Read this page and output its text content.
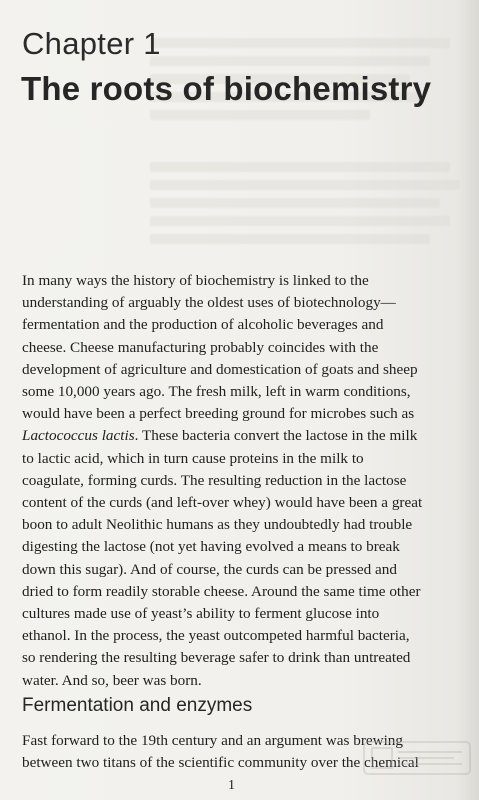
Chapter 1
The roots of biochemistry
In many ways the history of biochemistry is linked to the
understanding of arguably the oldest uses of biotechnology—
fermentation and the production of alcoholic beverages and
cheese. Cheese manufacturing probably coincides with the
development of agriculture and domestication of goats and sheep
some 10,000 years ago. The fresh milk, left in warm conditions,
would have been a perfect breeding ground for microbes such as
Lactococcus lactis. These bacteria convert the lactose in the milk
to lactic acid, which in turn cause proteins in the milk to
coagulate, forming curds. The resulting reduction in the lactose
content of the curds (and left-over whey) would have been a great
boon to adult Neolithic humans as they undoubtedly had trouble
digesting the lactose (not yet having evolved a means to break
down this sugar). And of course, the curds can be pressed and
dried to form readily storable cheese. Around the same time other
cultures made use of yeast’s ability to ferment glucose into
ethanol. In the process, the yeast outcompeted harmful bacteria,
so rendering the resulting beverage safer to drink than untreated
water. And so, beer was born.
Fermentation and enzymes
Fast forward to the 19th century and an argument was brewing
between two titans of the scientific community over the chemical
1
